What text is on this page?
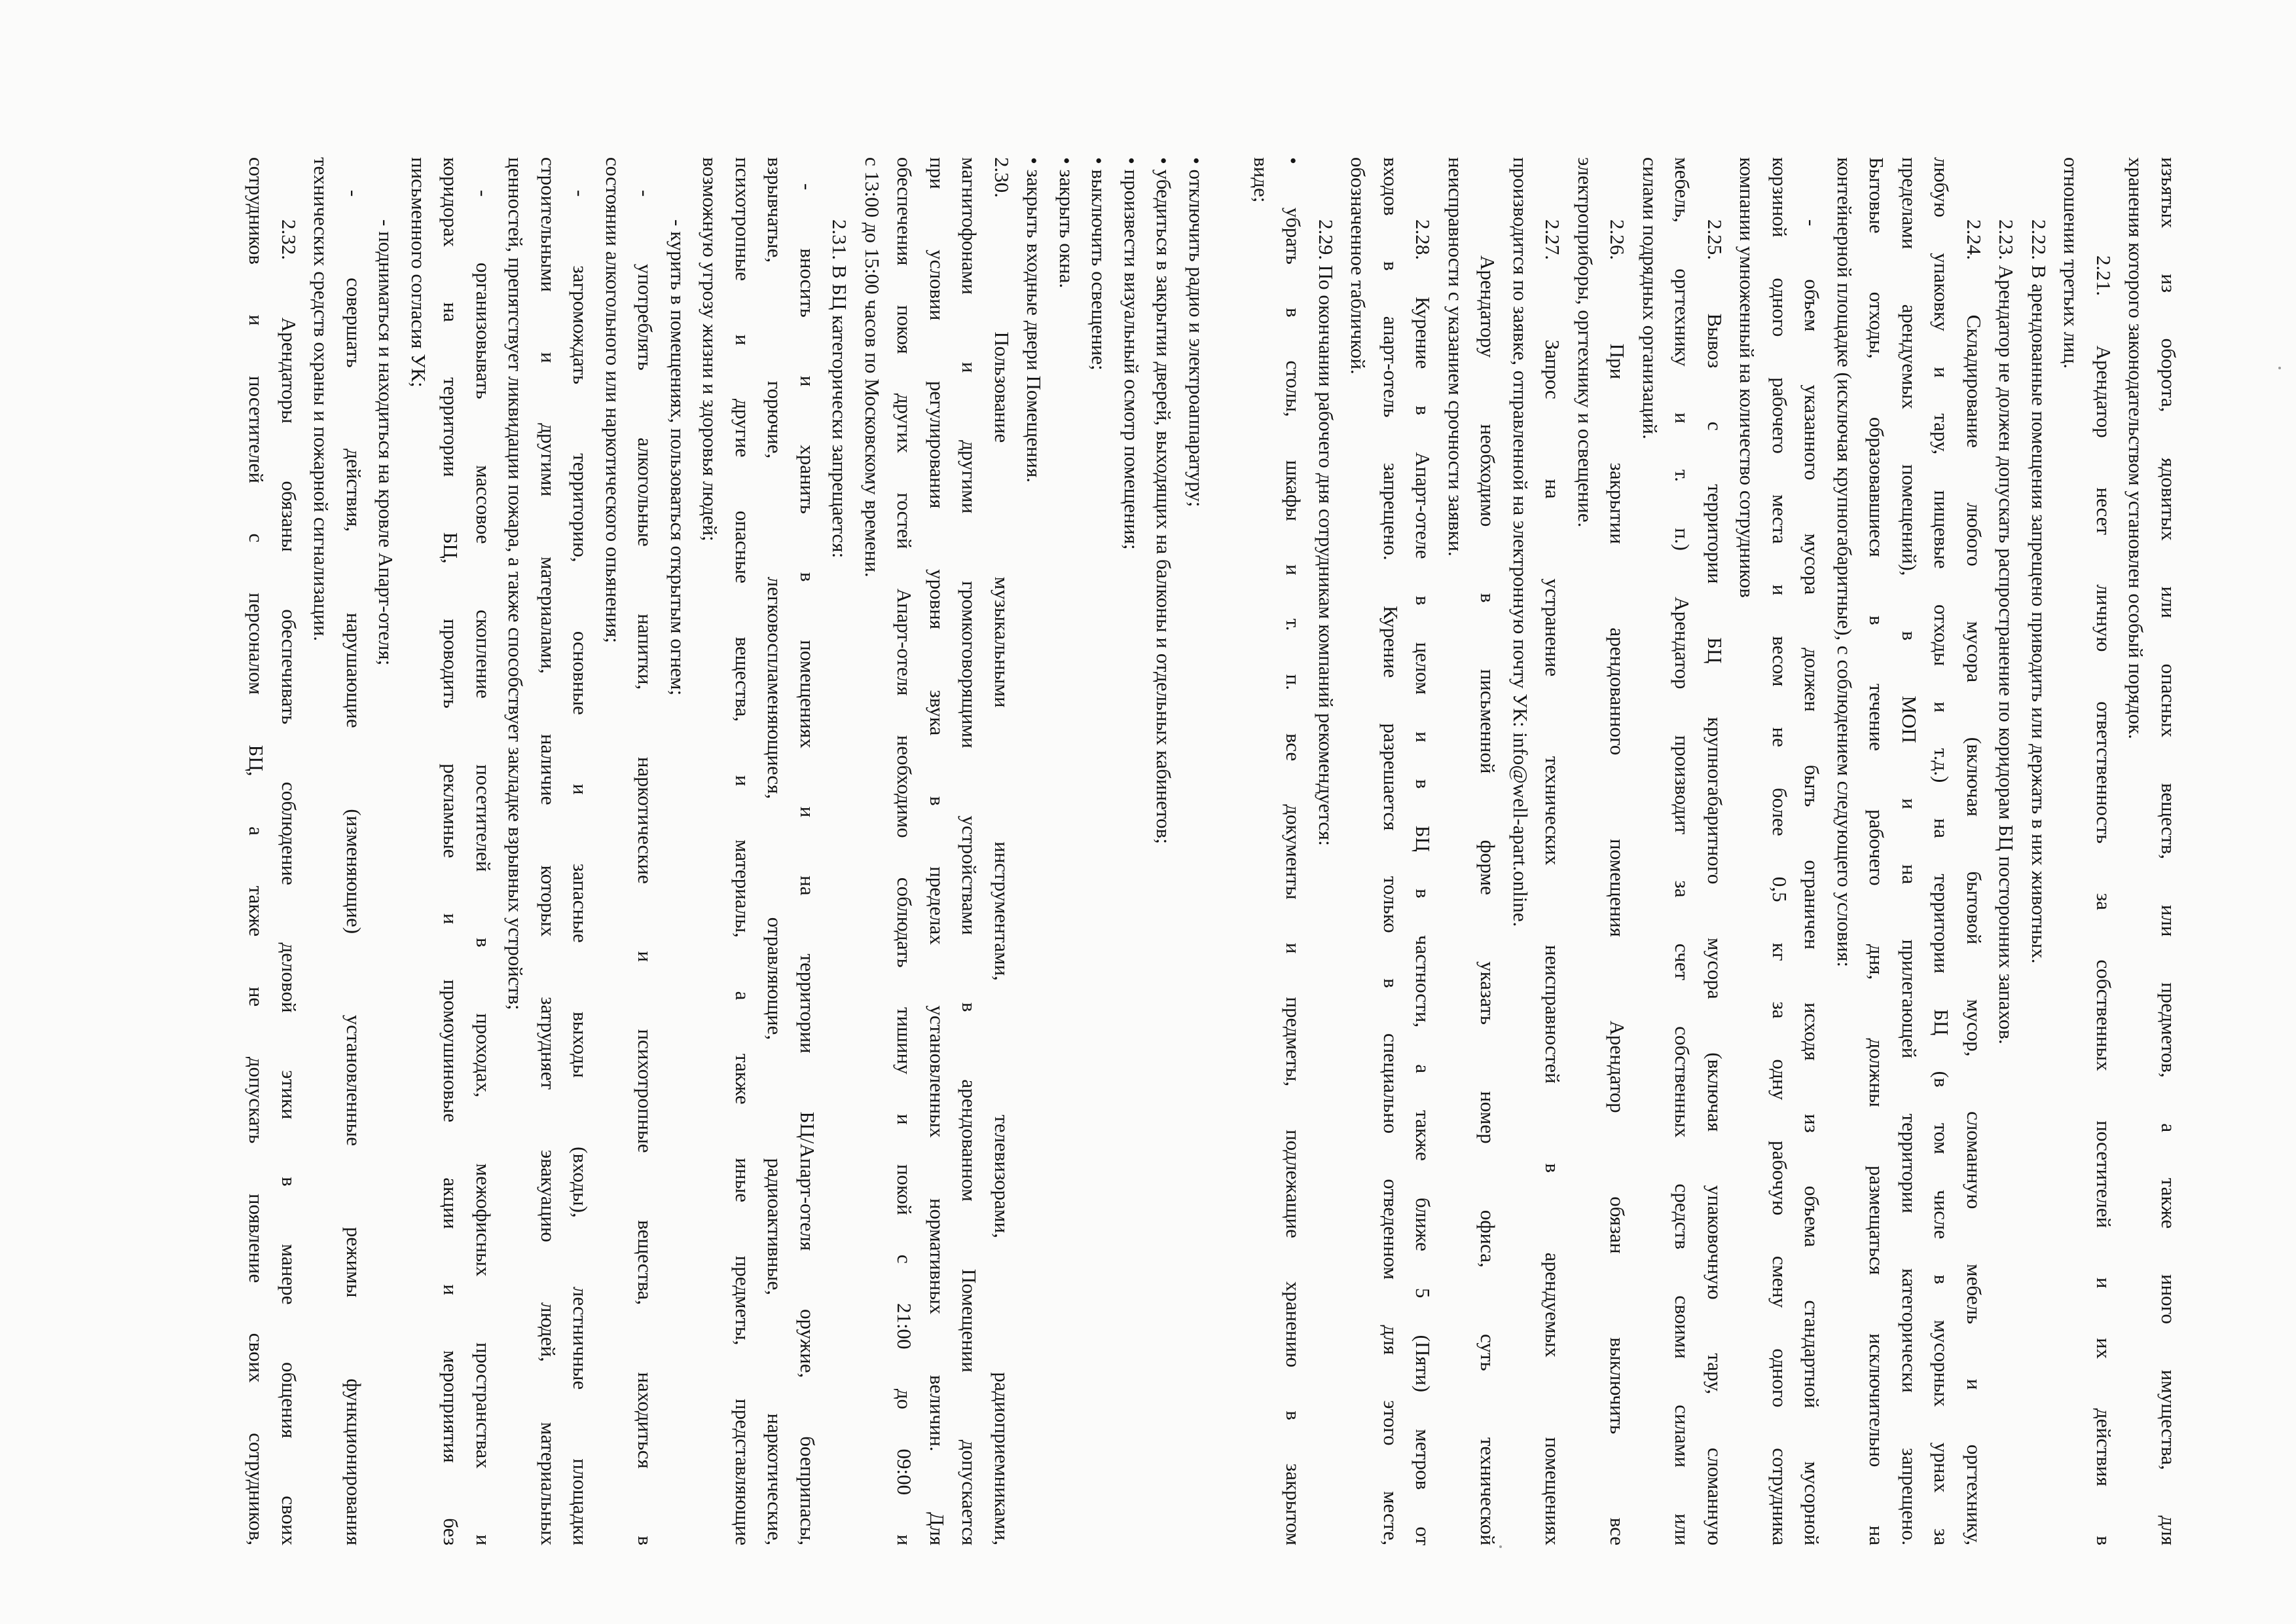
изъятых из оборота, ядовитых или опасных веществ, или предметов, а также иного имущества, для
хранения которого законодательством установлен особый порядок.
2.21. Арендатор несет личную ответственность за собственных посетителей и их действия в
отношении третьих лиц.
2.22. В арендованные помещения запрещено приводить или держать в них животных.
2.23. Арендатор не должен допускать распространение по коридорам БЦ посторонних запахов.
2.24. Складирование любого мусора (включая бытовой мусор, сломанную мебель и оргтехнику,
любую упаковку и тару, пищевые отходы и т.д.) на территории БЦ (в том числе в мусорных урнах за
пределами арендуемых помещений), в МОП и на прилегающей территории категорически запрещено.
Бытовые отходы, образовавшиеся в течение рабочего дня, должны размещаться исключительно на
контейнерной площадке (исключая крупногабаритные), с соблюдением следующего условия:
- объем указанного мусора должен быть ограничен исходя из объема стандартной мусорной
корзиной одного рабочего места и весом не более 0,5 кг за одну рабочую смену одного сотрудника
компании умноженный на количество сотрудников
2.25. Вывоз с территории БЦ крупногабаритного мусора (включая упаковочную тару, сломанную
мебель, оргтехнику и т. п.) Арендатор производит за счет собственных средств своими силами или
силами подрядных организаций.
2.26. При закрытии арендованного помещения Арендатор обязан выключить все
электроприборы, оргтехнику и освещение.
2.27. Запрос на устранение технических неисправностей в арендуемых помещениях
производится по заявке, отправленной на электронную почту УК: info@well-apart.online.
Арендатору необходимо в письменной форме указать номер офиса, суть технической
неисправности с указанием срочности заявки.
2.28. Курение в Апарт-отеле в целом и в БЦ в частности, а также ближе 5 (Пяти) метров от
входов в апарт-отель запрещено. Курение разрешается только в специально отведенном для этого месте,
обозначенное табличкой.
2.29. По окончании рабочего дня сотрудникам компаний рекомендуется:
• убрать в столы, шкафы и т. п. все документы и предметы, подлежащие хранению в закрытом
виде;
• отключить радио и электроаппаратуру;
• убедиться в закрытии дверей, выходящих на балконы и отдельных кабинетов;
• произвести визуальный осмотр помещения;
• выключить освещение;
• закрыть окна.
• закрыть входные двери Помещения.
2.30. Пользование музыкальными инструментами, телевизорами, радиоприемниками,
магнитофонами и другими громкоговорящими устройствами в арендованном Помещении допускается
при условии регулирования уровня звука в пределах установленных нормативных величин. Для
обеспечения покоя других гостей Апарт-отеля необходимо соблюдать тишину и покой с 21:00 до 09:00 и
с 13:00 до 15:00 часов по Московскому времени.
2.31. В БЦ категорически запрещается:
- вносить и хранить в помещениях и на территории БЦ/Апарт-отеля оружие, боеприпасы,
взрывчатые, горючие, легковоспламеняющиеся, отравляющие, радиоактивные, наркотические,
психотропные и другие опасные вещества, и материалы, а также иные предметы, представляющие
возможную угрозу жизни и здоровья людей;
- курить в помещениях, пользоваться открытым огнем;
- употреблять алкогольные напитки, наркотические и психотропные вещества, находиться в
состоянии алкогольного или наркотического опьянения;
- загромождать территорию, основные и запасные выходы (входы), лестничные площадки
строительными и другими материалами, наличие которых затрудняет эвакуацию людей, материальных
ценностей, препятствует ликвидации пожара, а также способствует закладке взрывных устройств;
- организовывать массовое скопление посетителей в проходах, межофисных пространствах и
коридорах на территории БЦ, проводить рекламные и промоушиновые акции и мероприятия без
письменного согласия УК;
- подниматься и находиться на кровле Апарт-отеля;
- совершать действия, нарушающие (изменяющие) установленные режимы функционирования
технических средств охраны и пожарной сигнализации.
2.32. Арендаторы обязаны обеспечивать соблюдение деловой этики в манере общения своих
сотрудников и посетителей с персоналом БЦ, а также не допускать появление своих сотрудников,
